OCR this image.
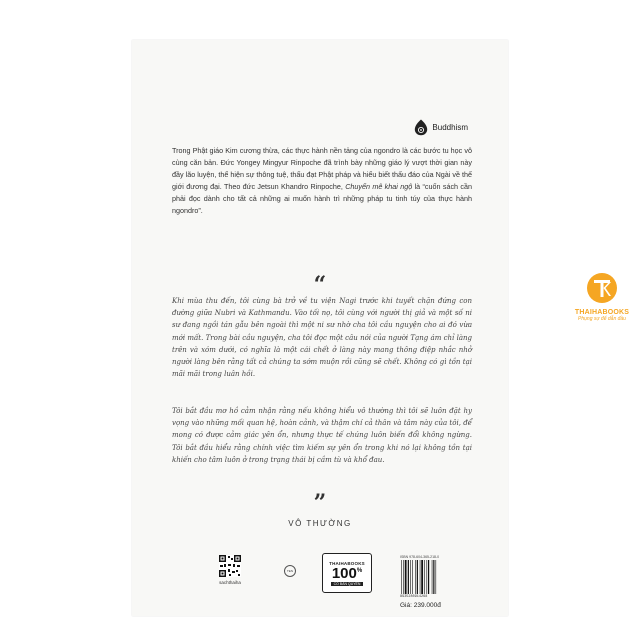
THAIHABOOKS
Phụng sự để dẫn đầu
Buddhism

Trong Phật giáo Kim cương thừa, các thực hành nền tảng của ngondro là các bước tu học vô cùng căn bản. Đức Yongey Mingyur Rinpoche đã trình bày những giáo lý vượt thời gian này đầy lão luyện, thể hiện sự thông tuệ, thấu đạt Phật pháp và hiểu biết thấu đáo của Ngài về thế giới đương đại. Theo đức Jetsun Khandro Rinpoche, Chuyển mê khai ngộ là “cuốn sách cần phải đọc dành cho tất cả những ai muốn hành trì những pháp tu tinh túy của thực hành ngondro”.

“

Khi mùa thu đến, tôi cùng bà trở về tu viện Nagi trước khi tuyết chặn đứng con đường giữa Nubri và Kathmandu. Vào tối nọ, tôi cùng với người thị giả và một số ni sư đang ngồi tán gẫu bên ngoài thì một ni sư nhờ cha tôi cầu nguyện cho ai đó vừa mới mất. Trong bài cầu nguyện, cha tôi đọc một câu nói của người Tạng ám chỉ làng trên và xóm dưới, có nghĩa là một cái chết ở làng này mang thông điệp nhắc nhở người làng bên rằng tất cả chúng ta sớm muộn rồi cũng sẽ chết. Không có gì tồn tại mãi mãi trong luân hồi.

Tôi bắt đầu mơ hồ cảm nhận rằng nếu không hiểu vô thường thì tôi sẽ luôn đặt hy vọng vào những mối quan hệ, hoàn cảnh, và thậm chí cả thân và tâm này của tôi, để mong có được cảm giác yên ổn, nhưng thực tế chúng luôn biến đổi không ngừng. Tôi bắt đầu hiểu rằng chính việc tìm kiếm sự yên ổn trong khi nó lại không tồn tại khiến cho tâm luôn ở trong trạng thái bị cầm tù và khổ đau.

”
VÔ THƯỜNG
sachthaiha
TEN
THAIHABOOKS
100%
CÓ BẢN QUYỀN
ISBN 978-604-365-218-0
8935280914268
Giá: 239.000đ
